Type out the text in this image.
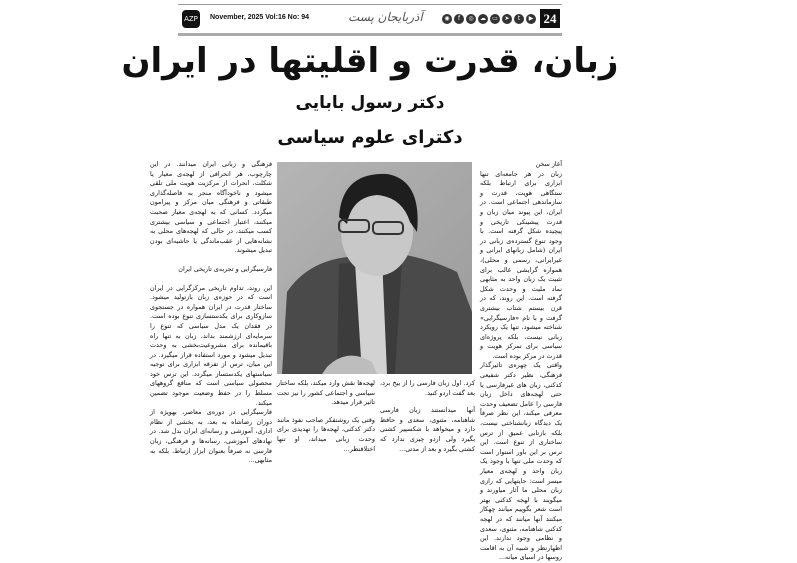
AZP November, 2025 Vol:16 No: 94	آذربایجان پست	◉	f	◎	☁	▭	➤	t	▶ 24
زبان، قدرت و اقلیتها در ایران
دکتر رسول بابایی
دکترای علوم سیاسی

آغاز سخن

زبان در هر جامعه‌ای تنها ابزاری برای ارتباط بلکه ستگاهی هویت، قدرت و سازماندهی اجتماعی است. در ایران، این پیوند میان زبان و قدرت پیشینکی تاریخی و پیچیده شکل گرفته است. با وجود تنوع گسترده‌ی زبانی در ایران (شامل زبانهای ایرانی و غیرایرانی، رسمی و محلی)، همواره گرایشی غالب برای تثبیت یک زبان واحد به مثابهی نماد ملیت و وحدت شکل گرفته است. این روند، که در قرن بیستم شتاب بیشتری گرفت و با نام «فارسیگرایی» شناخته میشود، تنها یک رویکرد زبانی نیست، بلکه پروژه‌ای سیاسی برای تمرکز هویت و قدرت در مرکز بوده است.

واقتی یک چهره‌ی تاثیرگذار فرهنگی، نظیر دکتر شفیعی کدکنی، زبان های غیرفارسی یا حتی لهجه‌های داخل زبان فارسی را عامل تضعیف وحدت معرفی میکند، این نظر صرفاً یک دیدگاه زبانشناختی نیست، بلکه بازتابی عمیق از ترس ساختاری از تنوع است. این ترس بر این باور استوار است که وحدت ملی تنها با وجود یک زبان واحد و لهجه‌ی معیار میسر است: جایتهایی که رازی زبان محلی ما آثار میاورند و میگویند با لهجه کدکنی بهتر است شعر بگوییم میانند چهکار میکنند آنها میانند که در لهجه کدکنی شاهنامه، مثنوی، سعدی و نظامی وجود ندارند. این اظهارنظر و شبیه آن به اقامت روسها در اسیای میانه...

فرهنگی و زبانی ایران میدانند. در این چارچوب، هر انحرافی از لهجه‌ی معیار یا شکلت، انحرات از مرکزیت هویت ملی تلقی میشود و ناخودآگاه منجر به فاصله‌گذاری طبقاتی و فرهنگی میان مرکز و پیرامون میگردد. کسانی که به لهجه‌ی معیار صحبت میکنند، اعتبار اجتماعی و سیاسی بیشتری کسب میکنند، در حالی که لهجه‌های محلی به نشانه‌هایی از عقب‌ماندگی یا حاشیه‌ای بودن تبدیل میشوند.

فارسیگرایی و تجربه‌ی تاریخی ایران

این روند، تداوم تاریخی مرکزگرایی در ایران است که در حوزه‌ی زبان بازتولید میشود. ساختار قدرت در ایران همواره در جستجوی سازوکاری برای یکدستسازی تنوع بوده است. در فقدان یک مدل سیاسی که تنوع را سرمایه‌ای ارزشمند بداند، زبان به تنها راه باقیمانده برای مشروعیت‌بخشی به وحدت تبدیل میشود و مورد استفاده قرار میگیرد. در این میان، ترس از تفرقه ابزاری برای توجیه سیاستهای یکدستساز میگردد. این ترس خود محصولی سیاسی است که منافع گروههای مسلط را در حفظ وضعیت موجود تضمین میکند.

فارسیگرایی در دوره‌ی معاصر، بهویژه از دوران رضاشاه به بعد، به بخشی از نظام اداری، آموزشی و رسانه‌ای ایران بدل شد. در نهادهای آموزشی، رسانه‌ها و فرهنگی، زبان فارسی نه صرفاً بعنوان ابزار ارتباط، بلکه به مثابهی...

کرد. اول زبان فارسی را از بیخ برد، بعد گفت اردو کنید.

آنها میدانستند زبان فارسی شاهنامه، مثنوی، سعدی و حافظ دارد و میخواهد با شکسپیر کشتی بگیرد ولی اردو چیزی ندارد که کشتی بگیرد و بعد از مدتی...

لهجه‌ها نقش وارد میکند، بلکه ساختار سیاسی و اجتماعی کشور را نیز تحت تاثیر قرار میدهد.

وقتی یک روشنفکر صاحب نفوذ مانند دکتر کدکنی، لهجه‌ها را تهدیدی برای وحدت زبانی میداند، او تنها اختلافنظر...
